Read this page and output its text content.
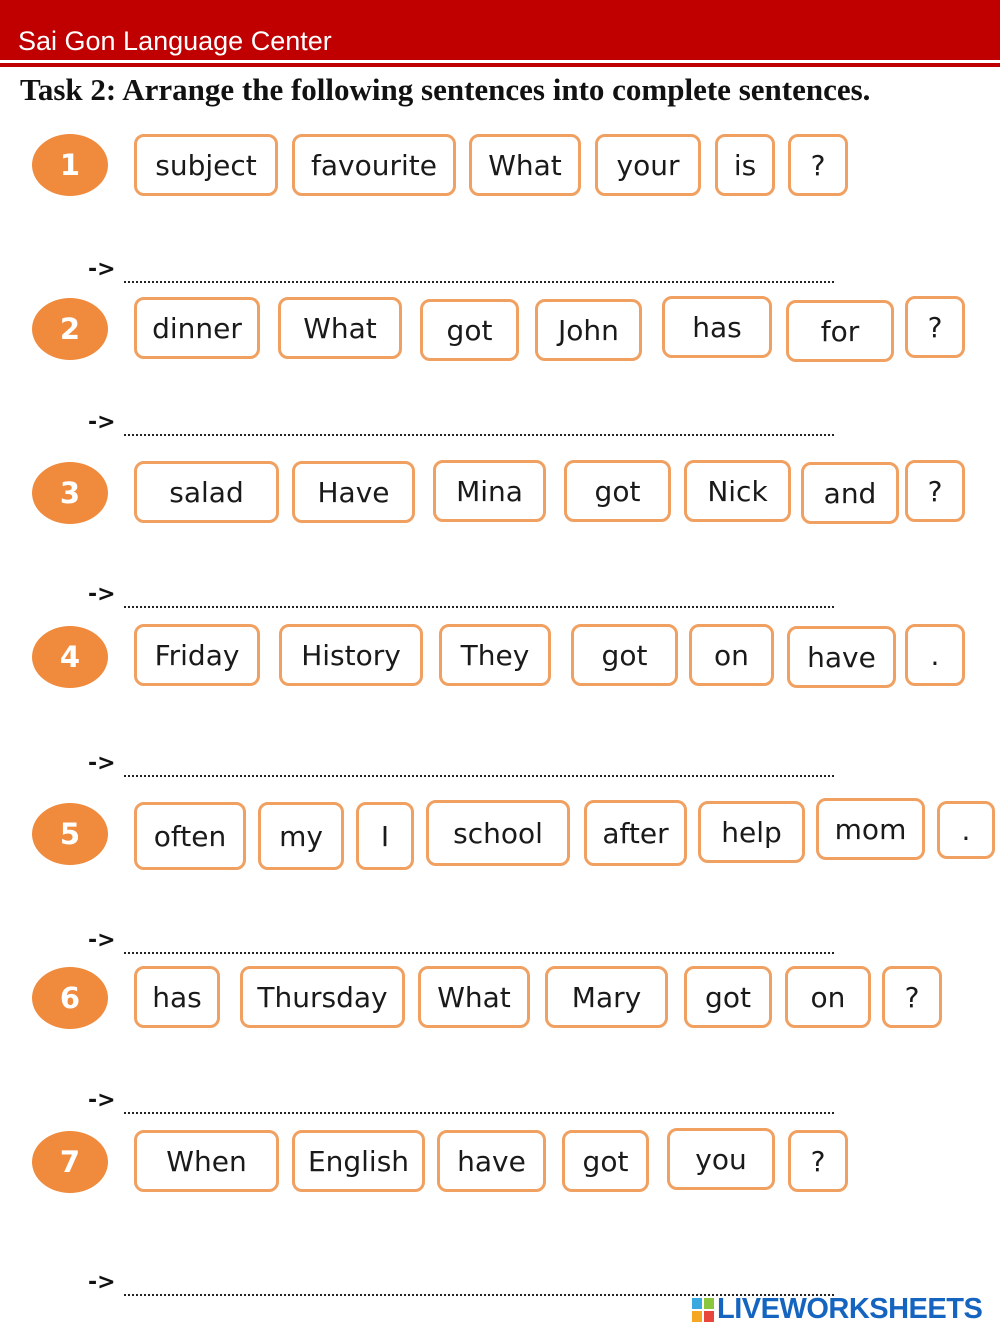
Sai Gon Language Center
Task 2: Arrange the following sentences into complete sentences.
1	subject	favourite	What	your	is	?
->
2	dinner	What	got	John	has	for	?
->
3	salad	Have	Mina	got	Nick	and	?
->
4	Friday	History	They	got	on	have	.
->
5	often	my	I	school	after	help	mom	.
->
6	has	Thursday	What	Mary	got	on	?
->
7	When	English	have	got	you	?
->
LIVEWORKSHEETS
